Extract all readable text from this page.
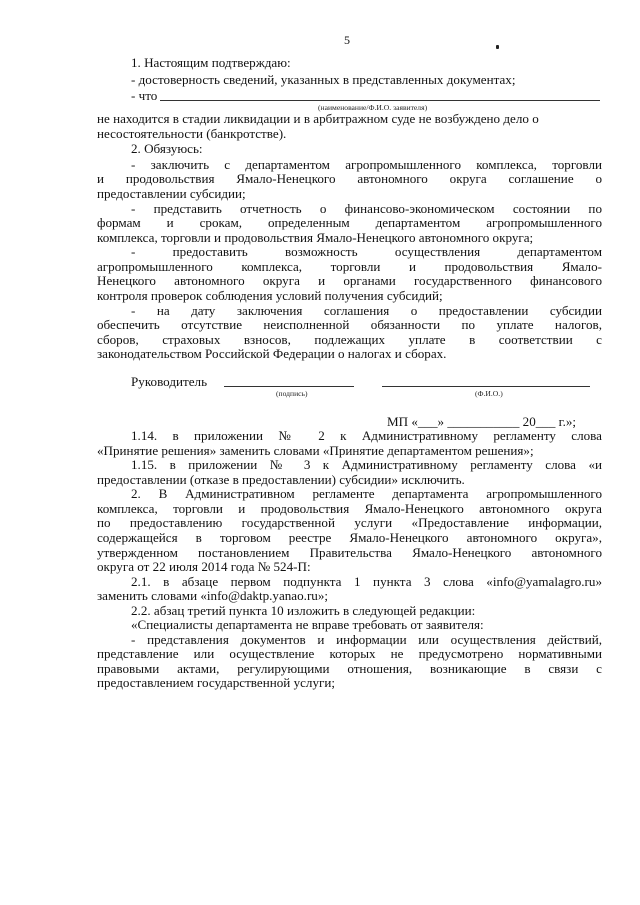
5
1. Настоящим подтверждаю:
- достоверность сведений, указанных в представленных документах;
- что
(наименование/Ф.И.О. заявителя)
не находится в стадии ликвидации и в арбитражном суде не возбуждено дело о
несостоятельности (банкротстве).
2. Обязуюсь:
- заключить с департаментом агропромышленного комплекса, торговли
и продовольствия Ямало-Ненецкого автономного округа соглашение о
предоставлении субсидии;
- представить отчетность о финансово-экономическом состоянии по
формам и срокам, определенным департаментом агропромышленного
комплекса, торговли и продовольствия Ямало-Ненецкого автономного округа;
- предоставить возможность осуществления департаментом
агропромышленного комплекса, торговли и продовольствия Ямало-
Ненецкого автономного округа и органами государственного финансового
контроля проверок соблюдения условий получения субсидий;
- на дату заключения соглашения о предоставлении субсидии
обеспечить отсутствие неисполненной обязанности по уплате налогов,
сборов, страховых взносов, подлежащих уплате в соответствии с
законодательством Российской Федерации о налогах и сборах.
Руководитель
(подпись)	(Ф.И.О.)
МП «___» ___________ 20___ г.»;
1.14. в приложении № 2 к Административному регламенту слова
«Принятие решения» заменить словами «Принятие департаментом решения»;
1.15. в приложении № 3 к Административному регламенту слова «и
предоставлении (отказе в предоставлении) субсидии» исключить.
2. В Административном регламенте департамента агропромышленного
комплекса, торговли и продовольствия Ямало-Ненецкого автономного округа
по предоставлению государственной услуги «Предоставление информации,
содержащейся в торговом реестре Ямало-Ненецкого автономного округа»,
утвержденном постановлением Правительства Ямало-Ненецкого автономного
округа от 22 июля 2014 года № 524-П:
2.1. в абзаце первом подпункта 1 пункта 3 слова «info@yamalagro.ru»
заменить словами «info@daktp.yanao.ru»;
2.2. абзац третий пункта 10 изложить в следующей редакции:
«Специалисты департамента не вправе требовать от заявителя:
- представления документов и информации или осуществления действий,
представление или осуществление которых не предусмотрено нормативными
правовыми актами, регулирующими отношения, возникающие в связи с
предоставлением государственной услуги;
